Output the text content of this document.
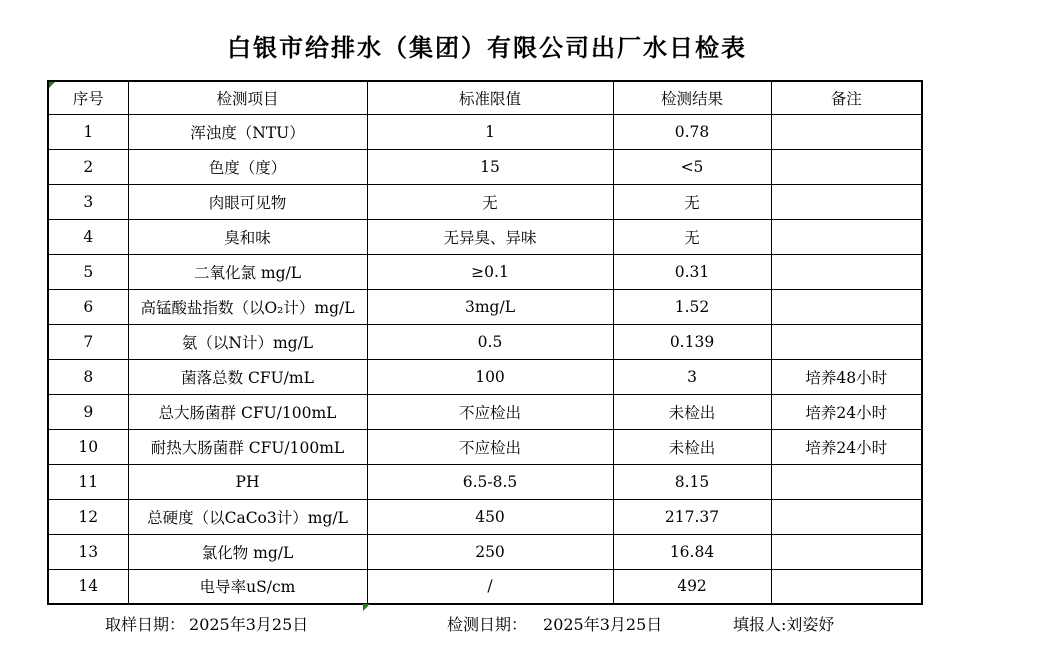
白银市给排水（集团）有限公司出厂水日检表
序号	检测项目	标准限值	检测结果	备注
1	浑浊度（NTU）	1	0.78	
2	色度（度）	15	<5	
3	肉眼可见物	无	无	
4	臭和味	无异臭、异味	无	
5	二氧化氯 mg/L	≥0.1	0.31	
6	高锰酸盐指数（以O₂计）mg/L	3mg/L	1.52	
7	氨（以N计）mg/L	0.5	0.139	
8	菌落总数 CFU/mL	100	3	培养48小时
9	总大肠菌群 CFU/100mL	不应检出	未检出	培养24小时
10	耐热大肠菌群 CFU/100mL	不应检出	未检出	培养24小时
11	PH	6.5-8.5	8.15	
12	总硬度（以CaCo3计）mg/L	450	217.37	
13	氯化物 mg/L	250	16.84	
14	电导率uS/cm	/	492	
取样日期： 2025年3月25日	检测日期： 2025年3月25日	填报人:刘姿妤
